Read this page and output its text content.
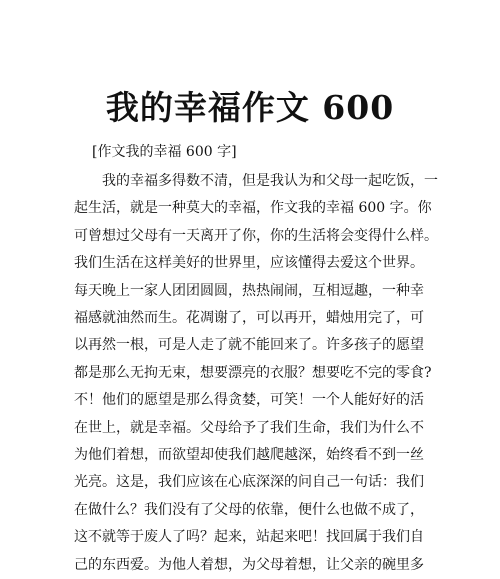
我的幸福作文 600
[作文我的幸福 600 字]

我的幸福多得数不清，但是我认为和父母一起吃饭，一
起生活，就是一种莫大的幸福，作文我的幸福 600 字。你
可曾想过父母有一天离开了你，你的生活将会变得什么样。
我们生活在这样美好的世界里，应该懂得去爱这个世界。
每天晚上一家人团团圆圆，热热闹闹，互相逗趣，一种幸
福感就油然而生。花凋谢了，可以再开，蜡烛用完了，可
以再然一根，可是人走了就不能回来了。许多孩子的愿望
都是那么无拘无束，想要漂亮的衣服？想要吃不完的零食?
不！他们的愿望是那么得贪婪，可笑！一个人能好好的活
在世上，就是幸福。父母给予了我们生命，我们为什么不
为他们着想，而欲望却使我们越爬越深，始终看不到一丝
光亮。这是，我们应该在心底深深的问自己一句话：我们
在做什么？我们没有了父母的依靠，便什么也做不成了，
这不就等于废人了吗？起来，站起来吧！找回属于我们自
己的东西爱。为他人着想，为父母着想，让父亲的碗里多
